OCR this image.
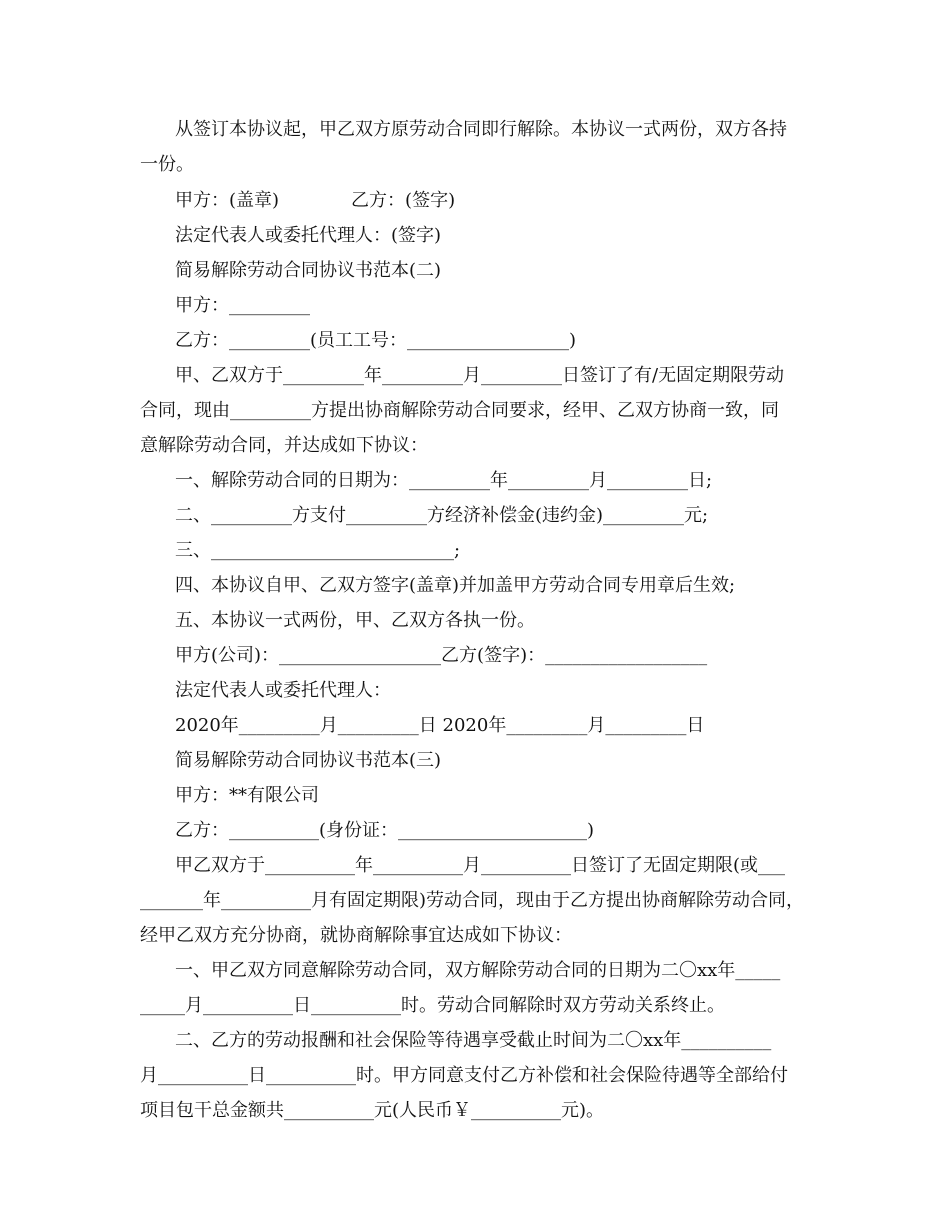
从签订本协议起，甲乙双方原劳动合同即行解除。本协议一式两份，双方各持
一份。
甲方：(盖章)　　　　乙方：(签字)
法定代表人或委托代理人：(签字)
简易解除劳动合同协议书范本(二)
甲方：_________
乙方：_________(员工工号：__________________)
甲、乙双方于_________年_________月_________日签订了有/无固定期限劳动
合同，现由_________方提出协商解除劳动合同要求，经甲、乙双方协商一致，同
意解除劳动合同，并达成如下协议：
一、解除劳动合同的日期为：_________年_________月_________日;
二、_________方支付_________方经济补偿金(违约金)_________元;
三、___________________________;
四、本协议自甲、乙双方签字(盖章)并加盖甲方劳动合同专用章后生效;
五、本协议一式两份，甲、乙双方各执一份。
甲方(公司)：__________________乙方(签字)：__________________
法定代表人或委托代理人：
2020年_________月_________日 2020年_________月_________日
简易解除劳动合同协议书范本(三)
甲方：**有限公司
乙方：__________(身份证：_____________________)
甲乙双方于__________年__________月__________日签订了无固定期限(或___
_______年__________月有固定期限)劳动合同，现由于乙方提出协商解除劳动合同，
经甲乙双方充分协商，就协商解除事宜达成如下协议：
一、甲乙双方同意解除劳动合同，双方解除劳动合同的日期为二〇xx年_____
_____月__________日__________时。劳动合同解除时双方劳动关系终止。
二、乙方的劳动报酬和社会保险等待遇享受截止时间为二〇xx年__________
月__________日__________时。甲方同意支付乙方补偿和社会保险待遇等全部给付
项目包干总金额共__________元(人民币￥__________元)。
